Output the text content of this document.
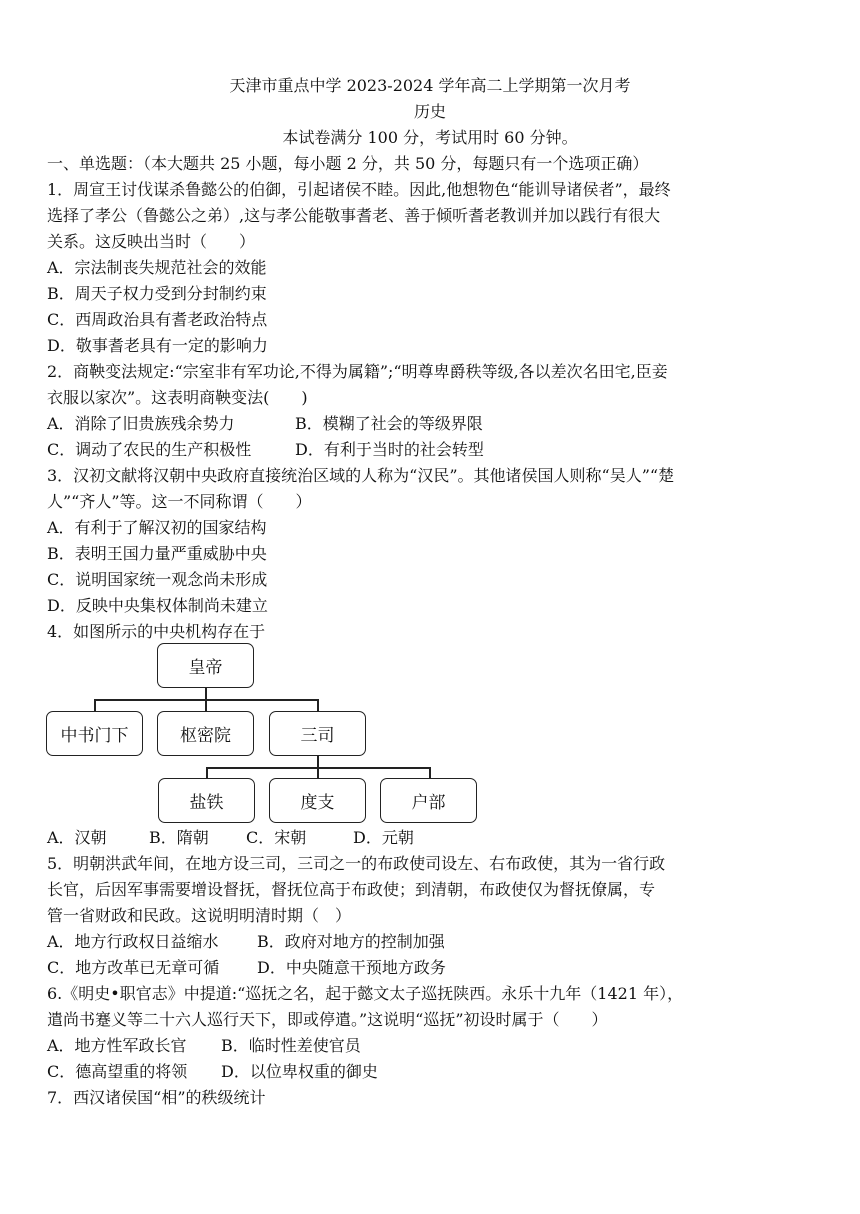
天津市重点中学 2023-2024 学年高二上学期第一次月考
历史
本试卷满分 100 分，考试用时 60 分钟。
一、单选题：（本大题共 25 小题，每小题 2 分，共 50 分，每题只有一个选项正确）
1．周宣王讨伐谋杀鲁懿公的伯御，引起诸侯不睦。因此,他想物色“能训导诸侯者”，最终
选择了孝公（鲁懿公之弟）,这与孝公能敬事耆老、善于倾听耆老教训并加以践行有很大
关系。这反映出当时（　　）
A．宗法制丧失规范社会的效能
B．周天子权力受到分封制约束
C．西周政治具有耆老政治特点
D．敬事耆老具有一定的影响力
2．商鞅变法规定:“宗室非有军功论,不得为属籍”;“明尊卑爵秩等级,各以差次名田宅,臣妾
衣服以家次”。这表明商鞅变法(　　)
A．消除了旧贵族残余势力	B．模糊了社会的等级界限
C．调动了农民的生产积极性	D．有利于当时的社会转型
3．汉初文献将汉朝中央政府直接统治区域的人称为“汉民”。其他诸侯国人则称“吴人”“楚
人”“齐人”等。这一不同称谓（　　）
A．有利于了解汉初的国家结构
B．表明王国力量严重威胁中央
C．说明国家统一观念尚未形成
D．反映中央集权体制尚未建立
4．如图所示的中央机构存在于
皇帝
中书门下	枢密院	三司
盐铁	度支	户部
A．汉朝	B．隋朝 C．宋朝	D．元朝
5．明朝洪武年间，在地方设三司，三司之一的布政使司设左、右布政使，其为一省行政
长官，后因军事需要增设督抚，督抚位高于布政使；到清朝，布政使仅为督抚僚属，专
管一省财政和民政。这说明明清时期（　）
A．地方行政权日益缩水 B．政府对地方的控制加强
C．地方改革已无章可循 D．中央随意干预地方政务
6.《明史•职官志》中提道:“巡抚之名，起于懿文太子巡抚陕西。永乐十九年（1421 年），
遣尚书蹇义等二十六人巡行天下，即或停遣。”这说明“巡抚”初设时属于（　　）
A．地方性军政长官 B．临时性差使官员
C．德高望重的将领 D．以位卑权重的御史
7．西汉诸侯国“相”的秩级统计
